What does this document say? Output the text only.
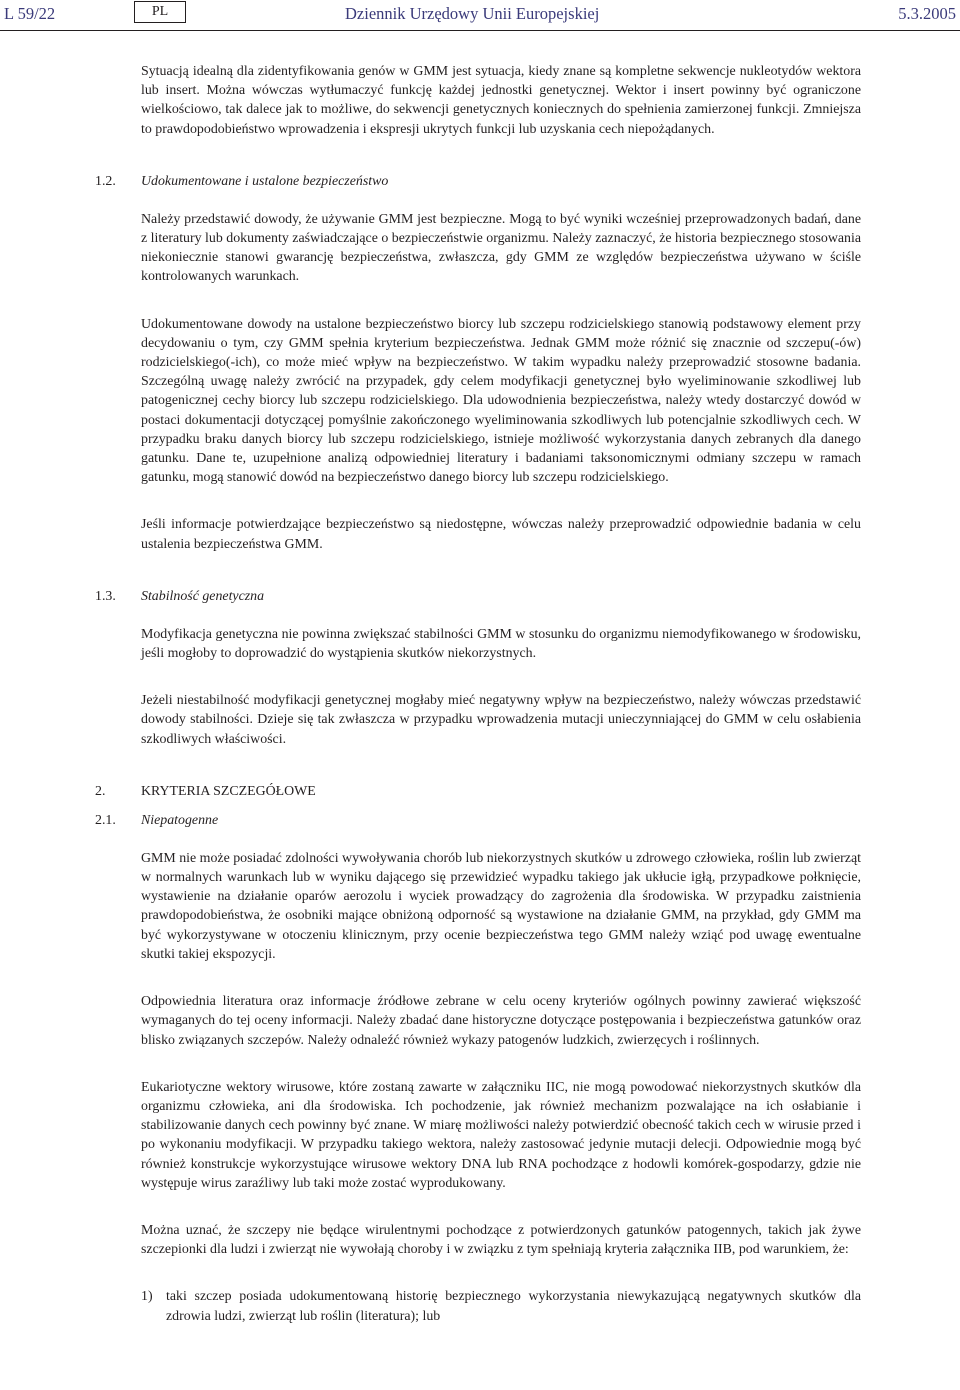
L 59/22	PL	Dziennik Urzędowy Unii Europejskiej	5.3.2005

Sytuacją idealną dla zidentyfikowania genów w GMM jest sytuacja, kiedy znane są kompletne sekwencje nukleotydów wektora lub insert. Można wówczas wytłumaczyć funkcję każdej jednostki genetycznej. Wektor i insert powinny być ograniczone wielkościowo, tak dalece jak to możliwe, do sekwencji genetycznych koniecznych do spełnienia zamierzonej funkcji. Zmniejsza to prawdopodobieństwo wprowadzenia i ekspresji ukrytych funkcji lub uzyskania cech niepożądanych.

1.2. Udokumentowane i ustalone bezpieczeństwo

Należy przedstawić dowody, że używanie GMM jest bezpieczne. Mogą to być wyniki wcześniej przeprowadzonych badań, dane z literatury lub dokumenty zaświadczające o bezpieczeństwie organizmu. Należy zaznaczyć, że historia bezpiecznego stosowania niekoniecznie stanowi gwarancję bezpieczeństwa, zwłaszcza, gdy GMM ze względów bezpieczeństwa używano w ściśle kontrolowanych warunkach.

Udokumentowane dowody na ustalone bezpieczeństwo biorcy lub szczepu rodzicielskiego stanowią podstawowy element przy decydowaniu o tym, czy GMM spełnia kryterium bezpieczeństwa. Jednak GMM może różnić się znacznie od szczepu(-ów) rodzicielskiego(-ich), co może mieć wpływ na bezpieczeństwo. W takim wypadku należy przeprowadzić stosowne badania. Szczególną uwagę należy zwrócić na przypadek, gdy celem modyfikacji genetycznej było wyeliminowanie szkodliwej lub patogenicznej cechy biorcy lub szczepu rodzicielskiego. Dla udowodnienia bezpieczeństwa, należy wtedy dostarczyć dowód w postaci dokumentacji dotyczącej pomyślnie zakończonego wyeliminowania szkodliwych lub potencjalnie szkodliwych cech. W przypadku braku danych biorcy lub szczepu rodzicielskiego, istnieje możliwość wykorzystania danych zebranych dla danego gatunku. Dane te, uzupełnione analizą odpowiedniej literatury i badaniami taksonomicznymi odmiany szczepu w ramach gatunku, mogą stanowić dowód na bezpieczeństwo danego biorcy lub szczepu rodzicielskiego.

Jeśli informacje potwierdzające bezpieczeństwo są niedostępne, wówczas należy przeprowadzić odpowiednie badania w celu ustalenia bezpieczeństwa GMM.

1.3. Stabilność genetyczna

Modyfikacja genetyczna nie powinna zwiększać stabilności GMM w stosunku do organizmu niemodyfikowanego w środowisku, jeśli mogłoby to doprowadzić do wystąpienia skutków niekorzystnych.

Jeżeli niestabilność modyfikacji genetycznej mogłaby mieć negatywny wpływ na bezpieczeństwo, należy wówczas przedstawić dowody stabilności. Dzieje się tak zwłaszcza w przypadku wprowadzenia mutacji unieczynniającej do GMM w celu osłabienia szkodliwych właściwości.

2.	KRYTERIA SZCZEGÓŁOWE
2.1. Niepatogenne

GMM nie może posiadać zdolności wywoływania chorób lub niekorzystnych skutków u zdrowego człowieka, roślin lub zwierząt w normalnych warunkach lub w wyniku dającego się przewidzieć wypadku takiego jak ukłucie igłą, przypadkowe połknięcie, wystawienie na działanie oparów aerozolu i wyciek prowadzący do zagrożenia dla środowiska. W przypadku zaistnienia prawdopodobieństwa, że osobniki mające obniżoną odporność są wystawione na działanie GMM, na przykład, gdy GMM ma być wykorzystywane w otoczeniu klinicznym, przy ocenie bezpieczeństwa tego GMM należy wziąć pod uwagę ewentualne skutki takiej ekspozycji.

Odpowiednia literatura oraz informacje źródłowe zebrane w celu oceny kryteriów ogólnych powinny zawierać większość wymaganych do tej oceny informacji. Należy zbadać dane historyczne dotyczące postępowania i bezpieczeństwa gatunków oraz blisko związanych szczepów. Należy odnaleźć również wykazy patogenów ludzkich, zwierzęcych i roślinnych.

Eukariotyczne wektory wirusowe, które zostaną zawarte w załączniku IIC, nie mogą powodować niekorzystnych skutków dla organizmu człowieka, ani dla środowiska. Ich pochodzenie, jak również mechanizm pozwalające na ich osłabianie i stabilizowanie danych cech powinny być znane. W miarę możliwości należy potwierdzić obecność takich cech w wirusie przed i po wykonaniu modyfikacji. W przypadku takiego wektora, należy zastosować jedynie mutacji delecji. Odpowiednie mogą być również konstrukcje wykorzystujące wirusowe wektory DNA lub RNA pochodzące z hodowli komórek-gospodarzy, gdzie nie występuje wirus zaraźliwy lub taki może zostać wyprodukowany.

Można uznać, że szczepy nie będące wirulentnymi pochodzące z potwierdzonych gatunków patogennych, takich jak żywe szczepionki dla ludzi i zwierząt nie wywołają choroby i w związku z tym spełniają kryteria załącznika IIB, pod warunkiem, że:

1) taki szczep posiada udokumentowaną historię bezpiecznego wykorzystania niewykazującą negatywnych skutków dla zdrowia ludzi, zwierząt lub roślin (literatura); lub
